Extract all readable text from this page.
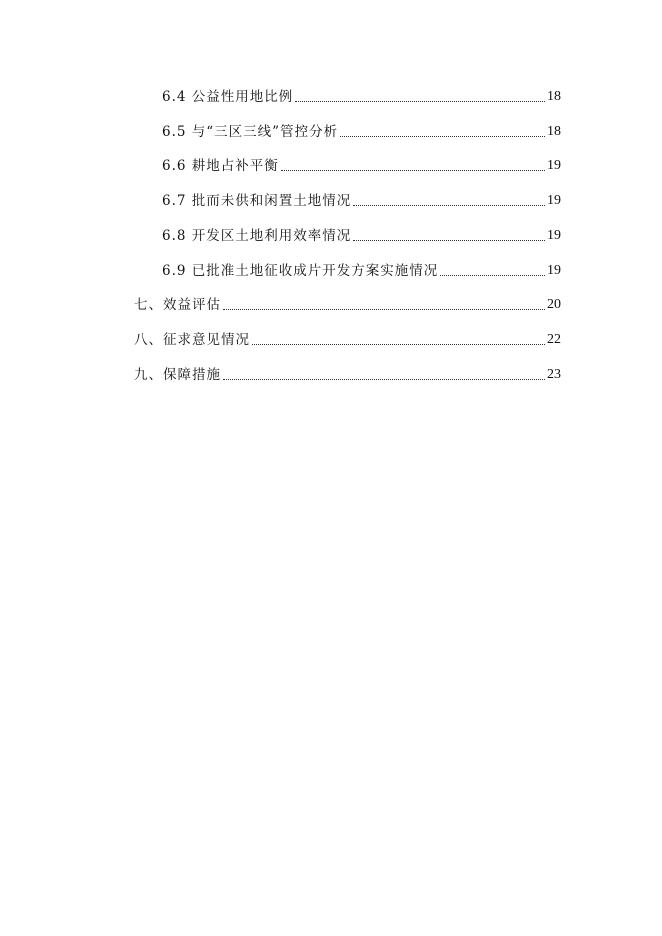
6.4 公益性用地比例	18
6.5 与“三区三线”管控分析	18
6.6 耕地占补平衡	19
6.7 批而未供和闲置土地情况	19
6.8 开发区土地利用效率情况	19
6.9 已批准土地征收成片开发方案实施情况	19
七、效益评估	20
八、征求意见情况	22
九、保障措施	23
